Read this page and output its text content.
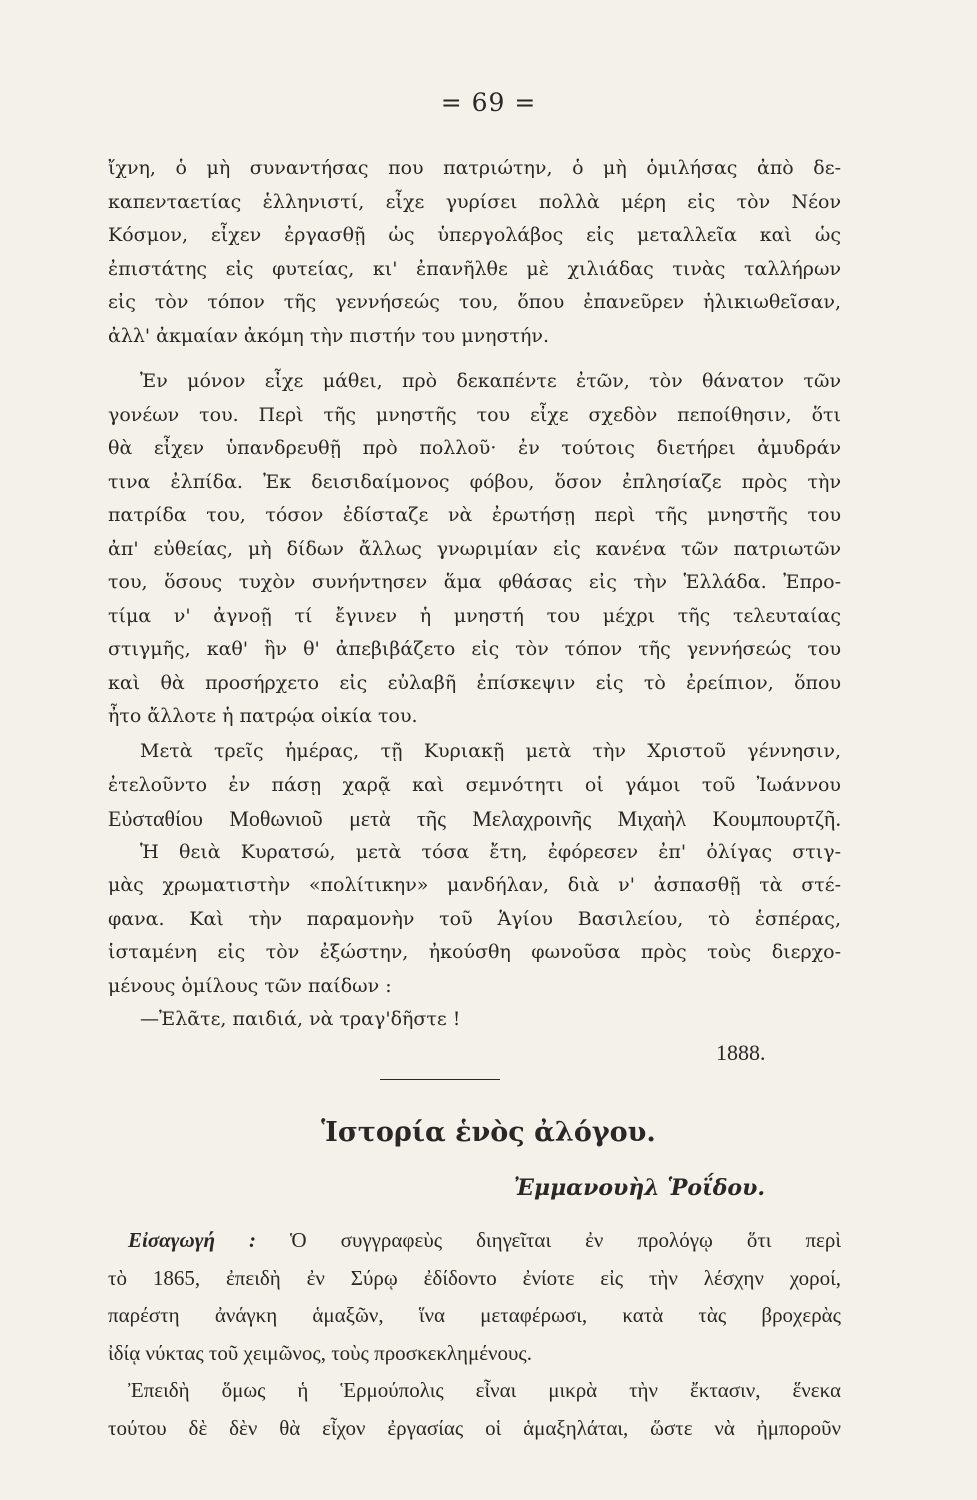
= 69 =
ἴχνη, ὁ μὴ συναντήσας που πατριώτην, ὁ μὴ ὁμιλήσας ἀπὸ δε-
καπενταετίας ἑλληνιστί, εἶχε γυρίσει πολλὰ μέρη εἰς τὸν Νέον
Κόσμον, εἶχεν ἐργασθῇ ὡς ὑπεργολάβος εἰς μεταλλεῖα καὶ ὡς
ἐπιστάτης εἰς φυτείας, κι' ἐπανῆλθε μὲ χιλιάδας τινὰς ταλλήρων
εἰς τὸν τόπον τῆς γεννήσεώς του, ὅπου ἐπανεῦρεν ἡλικιωθεῖσαν,
ἀλλ' ἀκμαίαν ἀκόμη τὴν πιστήν του μνηστήν.
Ἐν μόνον εἶχε μάθει, πρὸ δεκαπέντε ἐτῶν, τὸν θάνατον τῶν
γονέων του. Περὶ τῆς μνηστῆς του εἶχε σχεδὸν πεποίθησιν, ὅτι
θὰ εἶχεν ὑπανδρευθῇ πρὸ πολλοῦ· ἐν τούτοις διετήρει ἀμυδράν
τινα ἐλπίδα. Ἐκ δεισιδαίμονος φόβου, ὅσον ἐπλησίαζε πρὸς τὴν
πατρίδα του, τόσον ἐδίσταζε νὰ ἐρωτήσῃ περὶ τῆς μνηστῆς του
ἀπ' εὐθείας, μὴ δίδων ἄλλως γνωριμίαν εἰς κανένα τῶν πατριωτῶν
του, ὅσους τυχὸν συνήντησεν ἅμα φθάσας εἰς τὴν Ἑλλάδα. Ἐπρο-
τίμα ν' ἀγνοῇ τί ἔγινεν ἡ μνηστή του μέχρι τῆς τελευταίας
στιγμῆς, καθ' ἣν θ' ἀπεβιβάζετο εἰς τὸν τόπον τῆς γεννήσεώς του
καὶ θὰ προσήρχετο εἰς εὐλαβῆ ἐπίσκεψιν εἰς τὸ ἐρείπιον, ὅπου
ἦτο ἄλλοτε ἡ πατρῴα οἰκία του.
Μετὰ τρεῖς ἡμέρας, τῇ Κυριακῇ μετὰ τὴν Χριστοῦ γέννησιν,
ἐτελοῦντο ἐν πάσῃ χαρᾷ καὶ σεμνότητι οἱ γάμοι τοῦ Ἰωάννου
Εὐσταθίου Μοθωνιοῦ μετὰ τῆς Μελαχροινῆς Μιχαὴλ Κουμπουρτζῆ.
Ἡ θειὰ Κυρατσώ, μετὰ τόσα ἔτη, ἐφόρεσεν ἐπ' ὀλίγας στιγ-
μὰς χρωματιστὴν «πολίτικην» μανδήλαν, διὰ ν' ἀσπασθῇ τὰ στέ-
φανα. Καὶ τὴν παραμονὴν τοῦ Ἁγίου Βασιλείου, τὸ ἑσπέρας,
ἱσταμένη εἰς τὸν ἐξώστην, ἠκούσθη φωνοῦσα πρὸς τοὺς διερχο-
μένους ὁμίλους τῶν παίδων :
—Ἐλᾶτε, παιδιά, νὰ τραγ'δῆστε !
1888.
Ἱστορία ἑνὸς ἀλόγου.
Ἐμμανουὴλ Ῥοΐδου.
Εἰσαγωγή : Ὁ συγγραφεὺς διηγεῖται ἐν προλόγῳ ὅτι περὶ
τὸ 1865, ἐπειδὴ ἐν Σύρῳ ἐδίδοντο ἐνίοτε εἰς τὴν λέσχην χοροί,
παρέστη ἀνάγκη ἁμαξῶν, ἵνα μεταφέρωσι, κατὰ τὰς βροχερὰς
ἰδίᾳ νύκτας τοῦ χειμῶνος, τοὺς προσκεκλημένους.
Ἐπειδὴ ὅμως ἡ Ἑρμούπολις εἶναι μικρὰ τὴν ἔκτασιν, ἕνεκα
τούτου δὲ δὲν θὰ εἶχον ἐργασίας οἱ ἁμαξηλάται, ὥστε νὰ ἠμποροῦν
